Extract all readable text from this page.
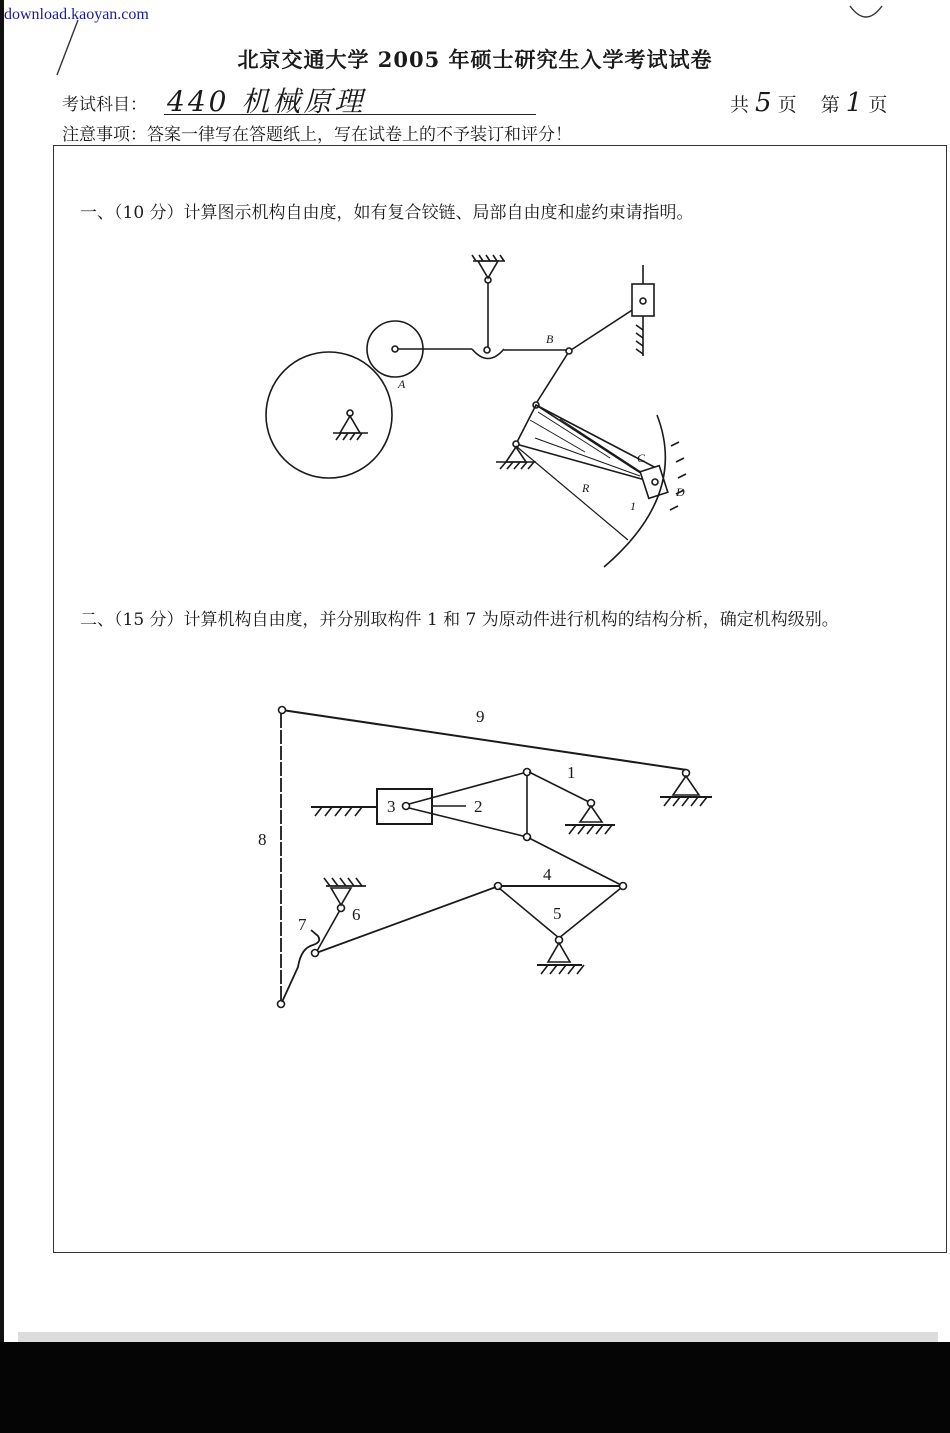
download.kaoyan.com
北京交通大学 2005 年硕士研究生入学考试试卷
考试科目： 440 机械原理	共 5 页 第 1 页
注意事项：答案一律写在答题纸上，写在试卷上的不予装订和评分！
一、（10 分）计算图示机构自由度，如有复合铰链、局部自由度和虚约束请指明。
二、（15 分）计算机构自由度，并分别取构件 1 和 7 为原动件进行机构的结构分析，确定机构级别。
A
B
C
D
R
1
1
2
3
4
5
6
7
8
9
